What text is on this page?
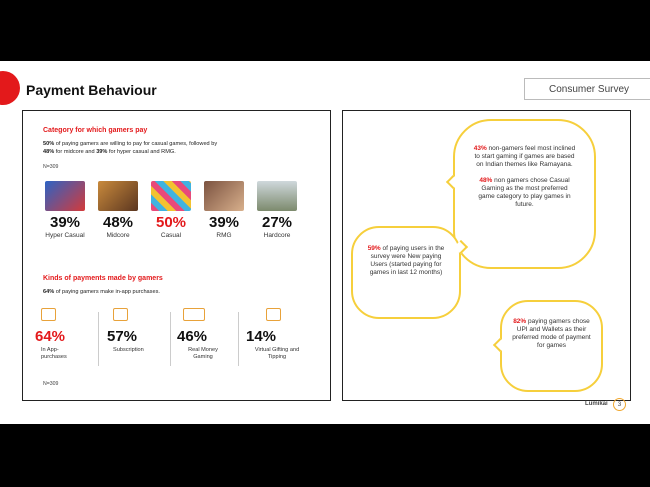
Payment Behaviour	Consumer Survey
Category for which gamers pay
50% of paying gamers are willing to pay for casual games, followed by
48% for midcore and 39% for hyper casual and RMG.
N=309
39%
Hyper Casual
48%
Midcore
50%
Casual
39%
RMG
27%
Hardcore
Kinds of payments made by gamers
64% of paying gamers make in-app purchases.
64%
In App-purchases
57%
Subscription
46%
Real Money Gaming
14%
Virtual Gifting and Tipping
N=309
43% non-gamers feel most inclined to start gaming if games are based on Indian themes like Ramayana.

48% non gamers chose Casual Gaming as the most preferred game category to play games in future.
59% of paying users in the survey were New paying Users (started paying for games in last 12 months)
82% paying gamers chose UPI and Wallets as their preferred mode of payment for games
Lumikai	3
